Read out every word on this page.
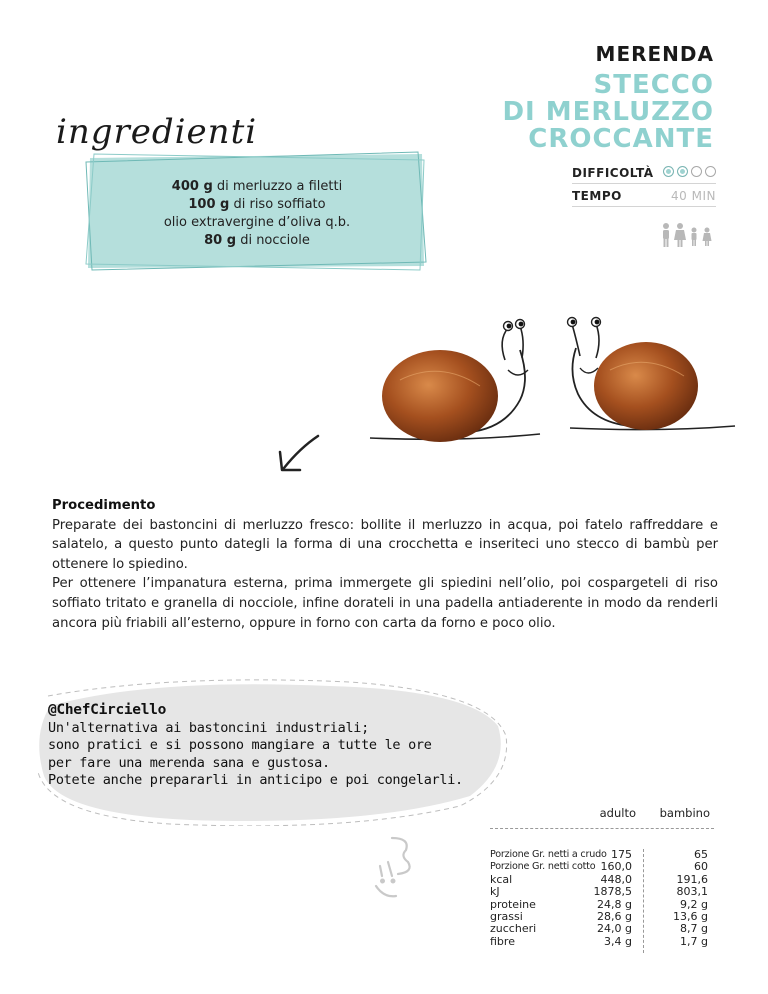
MERENDA
STECCO
DI MERLUZZO
CROCCANTE
DIFFICOLTÀ
TEMPO	40 MIN
ingredienti
400 g di merluzzo a filetti
100 g di riso soffiato
olio extravergine d’oliva q.b.
80 g di nocciole
Procedimento

Preparate dei bastoncini di merluzzo fresco: bollite il merluzzo in acqua, poi fatelo raffreddare e salatelo, a questo punto dategli la forma di una crocchetta e inseriteci uno stecco di bambù per ottenere lo spiedino.

Per ottenere l’impanatura esterna, prima immergete gli spiedini nell’olio, poi cospargeteli di riso soffiato tritato e granella di nocciole, infine dorateli in una padella antiaderente in modo da renderli ancora più friabili all’esterno, oppure in forno con carta da forno e poco olio.

@ChefCirciello
Un'alternativa ai bastoncini industriali;
sono pratici e si possono mangiare a tutte le ore
per fare una merenda sana e gustosa.
Potete anche prepararli in anticipo e poi congelarli.
adulto bambino
Porzione Gr. netti a crudo 175	65
Porzione Gr. netti cotto 160,0	60
kcal	448,0	191,6
kJ	1878,5	803,1
proteine	24,8 g	9,2 g
grassi	28,6 g	13,6 g
zuccheri	24,0 g	8,7 g
fibre	3,4 g	1,7 g
